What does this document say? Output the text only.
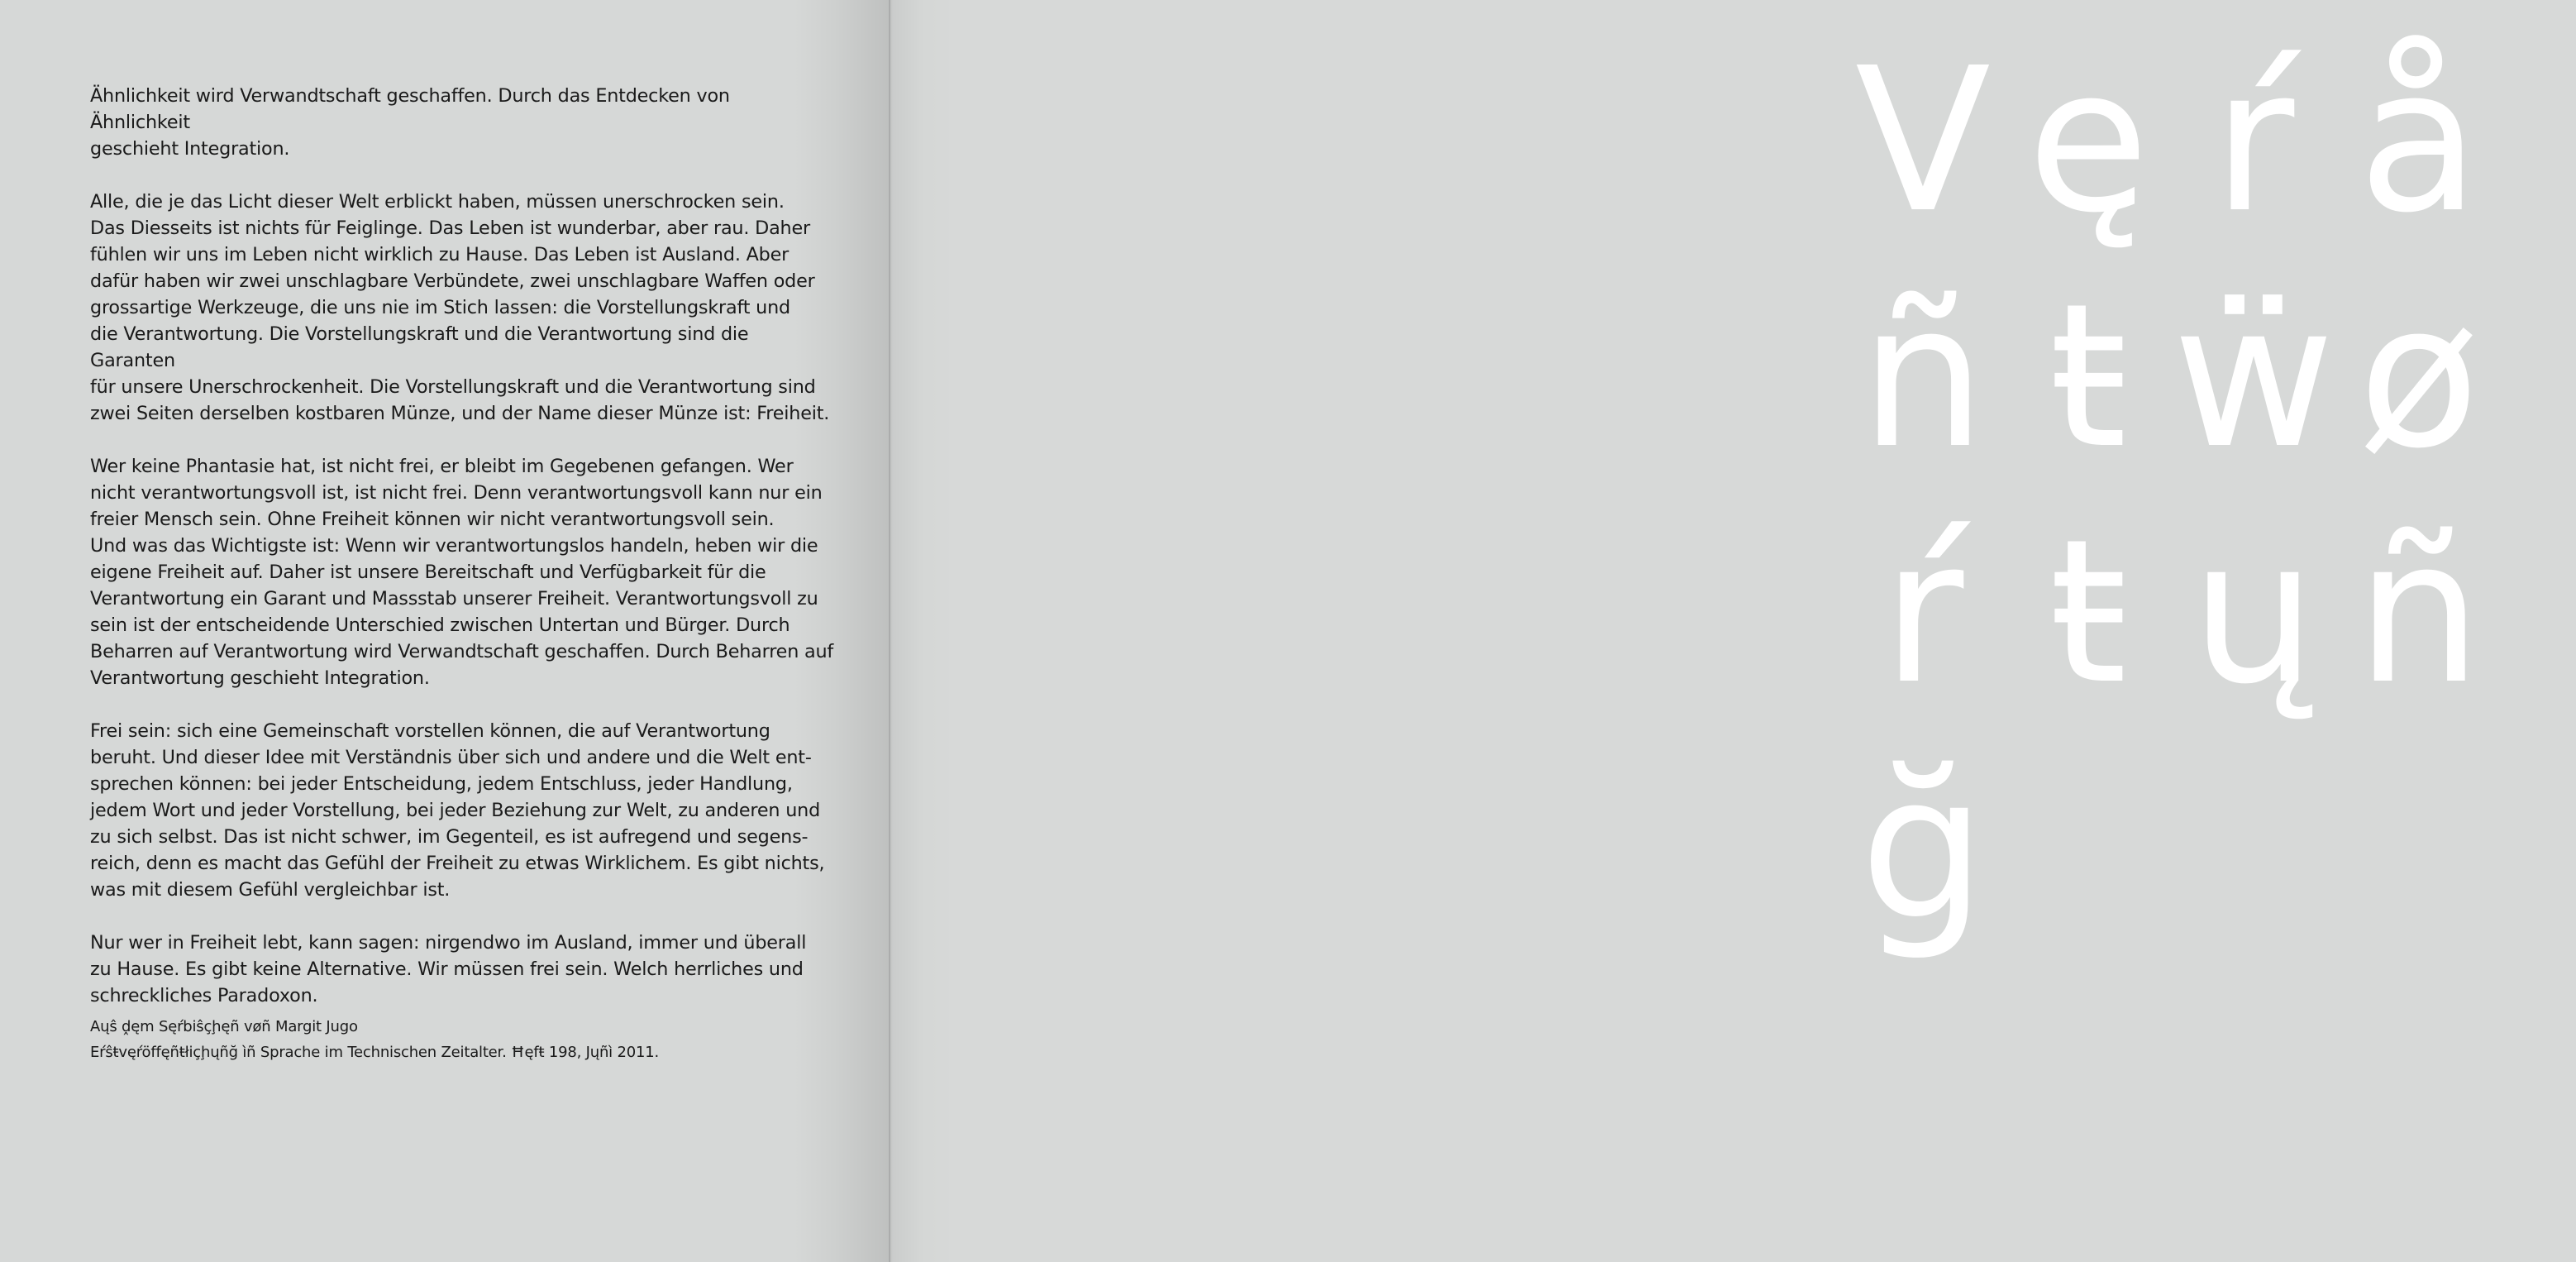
Ähnlichkeit wird Verwandtschaft geschaffen. Durch das Entdecken von Ähnlichkeit
geschieht Integration.

Alle, die je das Licht dieser Welt erblickt haben, müssen unerschrocken sein.
Das Diesseits ist nichts für Feiglinge. Das Leben ist wunderbar, aber rau. Daher
fühlen wir uns im Leben nicht wirklich zu Hause. Das Leben ist Ausland. Aber
dafür haben wir zwei unschlagbare Verbündete, zwei unschlagbare Waffen oder
grossartige Werkzeuge, die uns nie im Stich lassen: die Vorstellungskraft und
die Verantwortung. Die Vorstellungskraft und die Verantwortung sind die Garanten
für unsere Unerschrockenheit. Die Vorstellungskraft und die Verantwortung sind
zwei Seiten derselben kostbaren Münze, und der Name dieser Münze ist: Freiheit.

Wer keine Phantasie hat, ist nicht frei, er bleibt im Gegebenen gefangen. Wer
nicht verantwortungsvoll ist, ist nicht frei. Denn verantwortungsvoll kann nur ein
freier Mensch sein. Ohne Freiheit können wir nicht verantwortungsvoll sein.
Und was das Wichtigste ist: Wenn wir verantwortungslos handeln, heben wir die
eigene Freiheit auf. Daher ist unsere Bereitschaft und Verfügbarkeit für die
Verantwortung ein Garant und Massstab unserer Freiheit. Verantwortungsvoll zu
sein ist der entscheidende Unterschied zwischen Untertan und Bürger. Durch
Beharren auf Verantwortung wird Verwandtschaft geschaffen. Durch Beharren auf
Verantwortung geschieht Integration.

Frei sein: sich eine Gemeinschaft vorstellen können, die auf Verantwortung
beruht. Und dieser Idee mit Verständnis über sich und andere und die Welt ent-
sprechen können: bei jeder Entscheidung, jedem Entschluss, jeder Handlung,
jedem Wort und jeder Vorstellung, bei jeder Beziehung zur Welt, zu anderen und
zu sich selbst. Das ist nicht schwer, im Gegenteil, es ist aufregend und segens-
reich, denn es macht das Gefühl der Freiheit zu etwas Wirklichem. Es gibt nichts,
was mit diesem Gefühl vergleichbar ist.

Nur wer in Freiheit lebt, kann sagen: nirgendwo im Ausland, immer und überall
zu Hause. Es gibt keine Alternative. Wir müssen frei sein. Welch herrliches und
schreckliches Paradoxon.

Aųŝ ḓęm Sęŕbiŝçḩęñ vøñ Margit Jugo
Eŕŝŧvęŕöffęñŧłiçḩųñğ ìñ Sprache im Technischen Zeitalter. Ħęfŧ 198, Jųñì 2011.
V ę ŕ å
ñ ŧ ẅ ø
ŕ ŧ ų ñ
ğ
